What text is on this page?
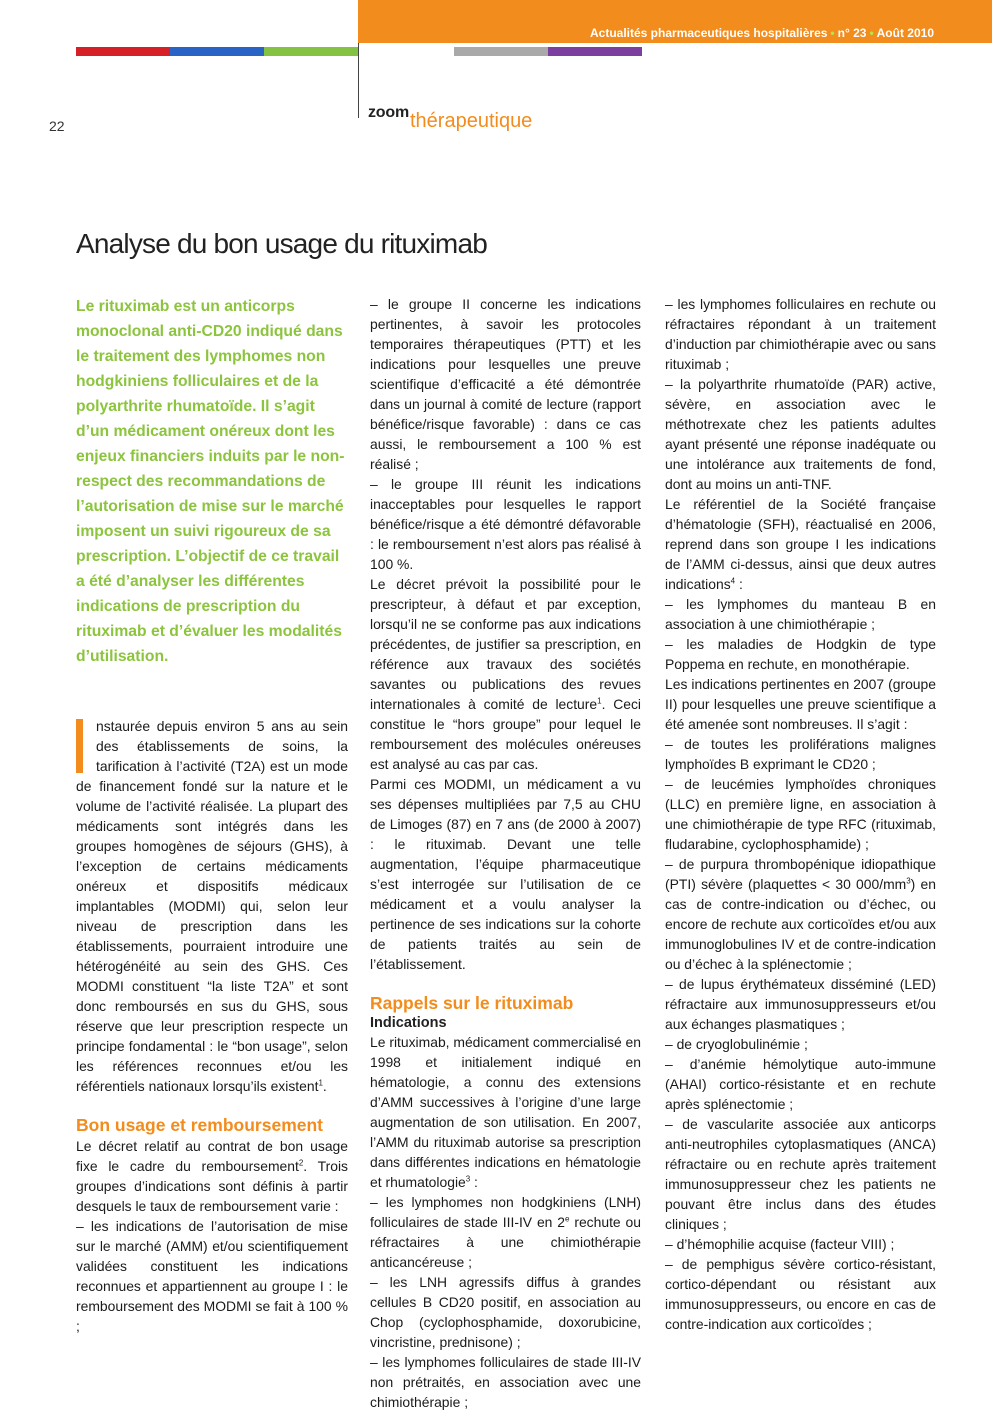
Actualités pharmaceutiques hospitalières • n° 23 • Août 2010
22
zoomthérapeutique
Analyse du bon usage du rituximab

Le rituximab est un anticorps monoclonal anti-CD20 indiqué dans le traitement des lymphomes non hodgkiniens folliculaires et de la polyarthrite rhumatoïde. Il s’agit d’un médicament onéreux dont les enjeux financiers induits par le non-respect des recommandations de l’autorisation de mise sur le marché imposent un suivi rigoureux de sa prescription. L’objectif de ce travail a été d’analyser les différentes indications de prescription du rituximab et d’évaluer les modalités d’utilisation.

nstaurée depuis environ 5 ans au sein des établissements de soins, la tarification à l’activité (T2A) est un mode de financement fondé sur la nature et le volume de l’activité réalisée. La plupart des médicaments sont intégrés dans les groupes homogènes de séjours (GHS), à l’exception de certains médicaments onéreux et dispositifs médicaux implantables (MODMI) qui, selon leur niveau de prescription dans les établissements, pourraient introduire une hétérogénéité au sein des GHS. Ces MODMI constituent “la liste T2A” et sont donc remboursés en sus du GHS, sous réserve que leur prescription respecte un principe fondamental : le “bon usage”, selon les références reconnues et/ou les référentiels nationaux lorsqu’ils existent$^1$.

Bon usage et remboursement

Le décret relatif au contrat de bon usage fixe le cadre du remboursement$^2$. Trois groupes d’indications sont définis à partir desquels le taux de remboursement varie :

– les indications de l’autorisation de mise sur le marché (AMM) et/ou scientifiquement validées constituent les indications reconnues et appartiennent au groupe I : le remboursement des MODMI se fait à 100 % ;

– le groupe II concerne les indications pertinentes, à savoir les protocoles temporaires thérapeutiques (PTT) et les indications pour lesquelles une preuve scientifique d’efficacité a été démontrée dans un journal à comité de lecture (rapport bénéfice/risque favorable) : dans ce cas aussi, le remboursement a 100 % est réalisé ;

– le groupe III réunit les indications inacceptables pour lesquelles le rapport bénéfice/risque a été démontré défavorable : le remboursement n’est alors pas réalisé à 100 %.

Le décret prévoit la possibilité pour le prescripteur, à défaut et par exception, lorsqu’il ne se conforme pas aux indications précédentes, de justifier sa prescription, en référence aux travaux des sociétés savantes ou publications des revues internationales à comité de lecture$^1$. Ceci constitue le “hors groupe” pour lequel le remboursement des molécules onéreuses est analysé au cas par cas.

Parmi ces MODMI, un médicament a vu ses dépenses multipliées par 7,5 au CHU de Limoges (87) en 7 ans (de 2000 à 2007) : le rituximab. Devant une telle augmentation, l’équipe pharmaceutique s’est interrogée sur l’utilisation de ce médicament et a voulu analyser la pertinence de ses indications sur la cohorte de patients traités au sein de l’établissement.

Rappels sur le rituximab

Indications

Le rituximab, médicament commercialisé en 1998 et initialement indiqué en hématologie, a connu des extensions d’AMM successives à l’origine d’une large augmentation de son utilisation. En 2007, l’AMM du rituximab autorise sa prescription dans différentes indications en hématologie et rhumatologie$^3$ :

– les lymphomes non hodgkiniens (LNH) folliculaires de stade III-IV en 2e rechute ou réfractaires à une chimiothérapie anticancéreuse ;

– les LNH agressifs diffus à grandes cellules B CD20 positif, en association au Chop (cyclophosphamide, doxorubicine, vincristine, prednisone) ;

– les lymphomes folliculaires de stade III-IV non prétraités, en association avec une chimiothérapie ;

– les lymphomes folliculaires en rechute ou réfractaires répondant à un traitement d’induction par chimiothérapie avec ou sans rituximab ;

– la polyarthrite rhumatoïde (PAR) active, sévère, en association avec le méthotrexate chez les patients adultes ayant présenté une réponse inadéquate ou une intolérance aux traitements de fond, dont au moins un anti-TNF.

Le référentiel de la Société française d’hématologie (SFH), réactualisé en 2006, reprend dans son groupe I les indications de l’AMM ci-dessus, ainsi que deux autres indications$^4$ :

– les lymphomes du manteau B en association à une chimiothérapie ;

– les maladies de Hodgkin de type Poppema en rechute, en monothérapie.

Les indications pertinentes en 2007 (groupe II) pour lesquelles une preuve scientifique a été amenée sont nombreuses. Il s’agit :

– de toutes les proliférations malignes lymphoïdes B exprimant le CD20 ;

– de leucémies lymphoïdes chroniques (LLC) en première ligne, en association à une chimiothérapie de type RFC (rituximab, fludarabine, cyclophosphamide) ;

– de purpura thrombopénique idiopathique (PTI) sévère (plaquettes < 30 $000/mm^3$) en cas de contre-indication ou d’échec, ou encore de rechute aux corticoïdes et/ou aux immunoglobulines IV et de contre-indication ou d’échec à la splénectomie ;

– de lupus érythémateux disséminé (LED) réfractaire aux immunosuppresseurs et/ou aux échanges plasmatiques ;

– de cryoglobulinémie ;

– d’anémie hémolytique auto-immune (AHAI) cortico-résistante et en rechute après splénectomie ;

– de vascularite associée aux anticorps anti-neutrophiles cytoplasmatiques (ANCA) réfractaire ou en rechute après traitement immunosuppresseur chez les patients ne pouvant être inclus dans des études cliniques ;

– d’hémophilie acquise (facteur VIII) ;

– de pemphigus sévère cortico-résistant, cortico-dépendant ou résistant aux immunosuppresseurs, ou encore en cas de contre-indication aux corticoïdes ;
